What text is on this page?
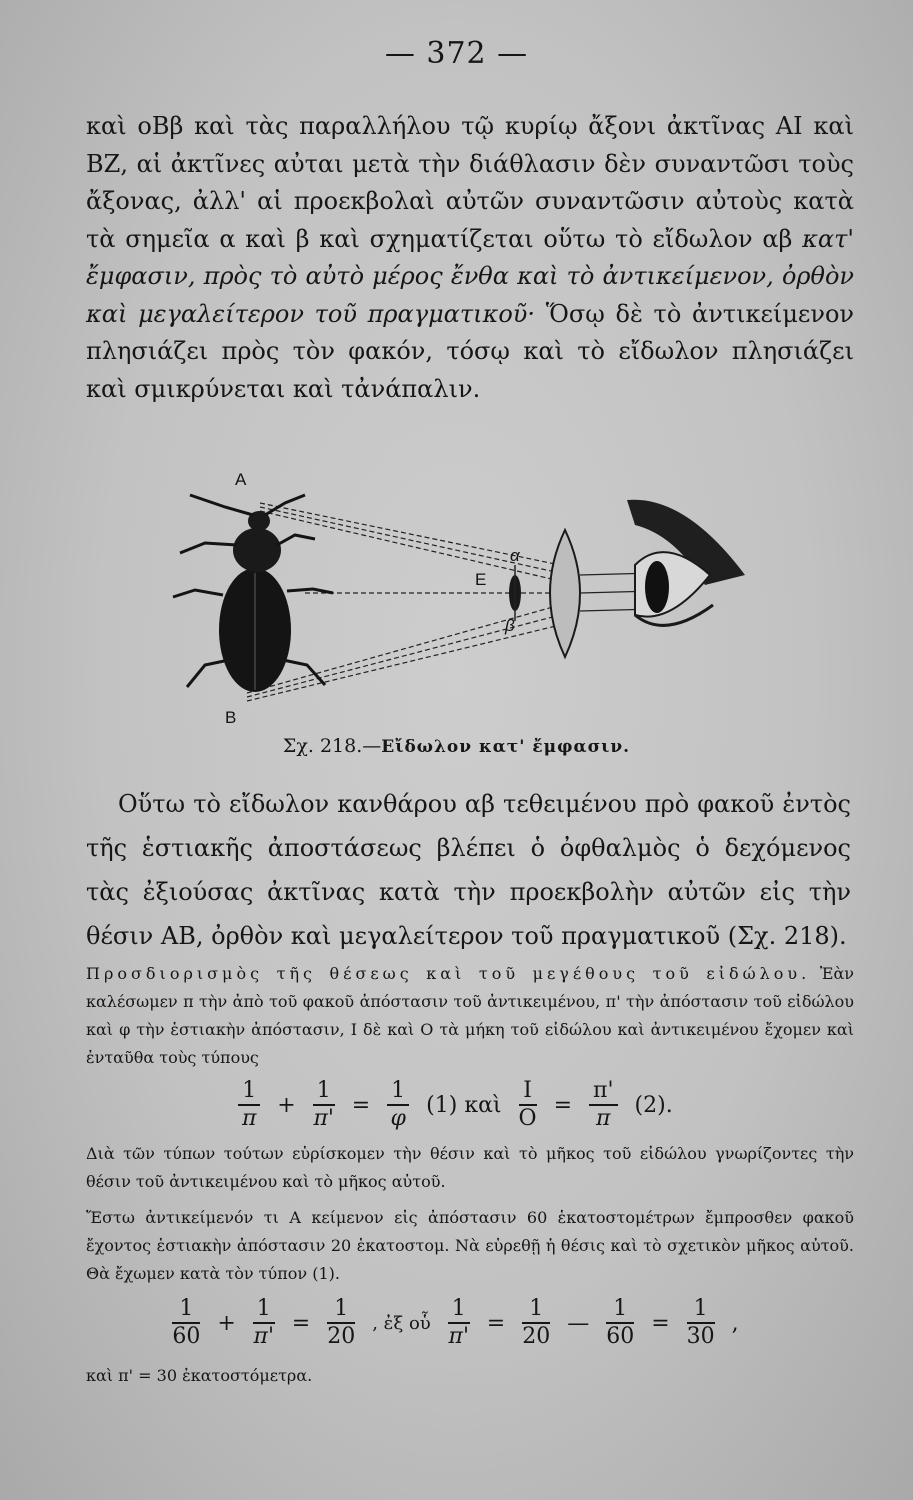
— 372 —

καὶ οΒβ καὶ τὰς παραλλήλου τῷ κυρίῳ ἄξονι ἀκτῖνας ΑΙ καὶ ΒΖ, αἱ ἀκτῖνες αὐται μετὰ τὴν διάθλασιν δὲν συναντῶσι τοὺς ἄξονας, ἀλλ' αἱ προεκβολαὶ αὐτῶν συναντῶσιν αὐτοὺς κατὰ τὰ σημεῖα α καὶ β καὶ σχηματίζεται οὕτω τὸ εἴδωλον αβ κατ' ἔμφασιν, πρὸς τὸ αὐτὸ μέρος ἔνθα καὶ τὸ ἀντικείμενον, ὀρθὸν καὶ μεγαλείτερον τοῦ πραγματικοῦ· Ὅσῳ δὲ τὸ ἀντικείμενον πλησιάζει πρὸς τὸν φακόν, τόσῳ καὶ τὸ εἴδωλον πλησιάζει καὶ σμικρύνεται καὶ τἀνάπαλιν.

A
B
E
α
β
Σχ. 218.—Εἴδωλον κατ' ἔμφασιν.

Οὕτω τὸ εἴδωλον κανθάρου αβ τεθειμένου πρὸ φακοῦ ἐντὸς τῆς ἑστιακῆς ἀποστάσεως βλέπει ὁ ὀφθαλμὸς ὁ δεχόμενος τὰς ἐξιούσας ἀκτῖνας κατὰ τὴν προεκβολὴν αὐτῶν εἰς τὴν θέσιν ΑΒ, ὀρθὸν καὶ μεγαλείτερον τοῦ πραγματικοῦ (Σχ. 218).

Προσδιορισμὸς τῆς θέσεως καὶ τοῦ μεγέθους τοῦ εἰδώλου. Ἐὰν καλέσωμεν π τὴν ἀπὸ τοῦ φακοῦ ἀπόστασιν τοῦ ἀντικειμένου, π' τὴν ἀπόστασιν τοῦ εἰδώλου καὶ φ τὴν ἑστιακὴν ἀπόστασιν, Ι δὲ καὶ Ο τὰ μήκη τοῦ εἰδώλου καὶ ἀντικειμένου ἔχομεν καὶ ἐνταῦθα τοὺς τύπους

$\frac{1}{\pi} + \frac{1}{\pi'} = \frac{1}{\varphi} (1)$ καὶ $\frac{I}{O} = \frac{\pi'}{\pi} (2)$.

Διὰ τῶν τύπων τούτων εὑρίσκομεν τὴν θέσιν καὶ τὸ μῆκος τοῦ εἰδώλου γνωρίζοντες τὴν θέσιν τοῦ ἀντικειμένου καὶ τὸ μῆκος αὐτοῦ.

Ἔστω ἀντικείμενόν τι Α κείμενον εἰς ἀπόστασιν 60 ἑκατοστομέτρων ἔμπροσθεν φακοῦ ἔχοντος ἑστιακὴν ἀπόστασιν 20 ἑκατοστομ. Νὰ εὑρεθῇ ἡ θέσις καὶ τὸ σχετικὸν μῆκος αὐτοῦ. Θὰ ἔχωμεν κατὰ τὸν τύπον (1).

$\frac{1}{60} + \frac{1}{\pi'} = \frac{1}{20}$ , ἐξ οὗ $\frac{1}{\pi'} = \frac{1}{20}$ — $\frac{1}{60} = \frac{1}{30}$ ,

καὶ π' = 30 ἑκατοστόμετρα.
